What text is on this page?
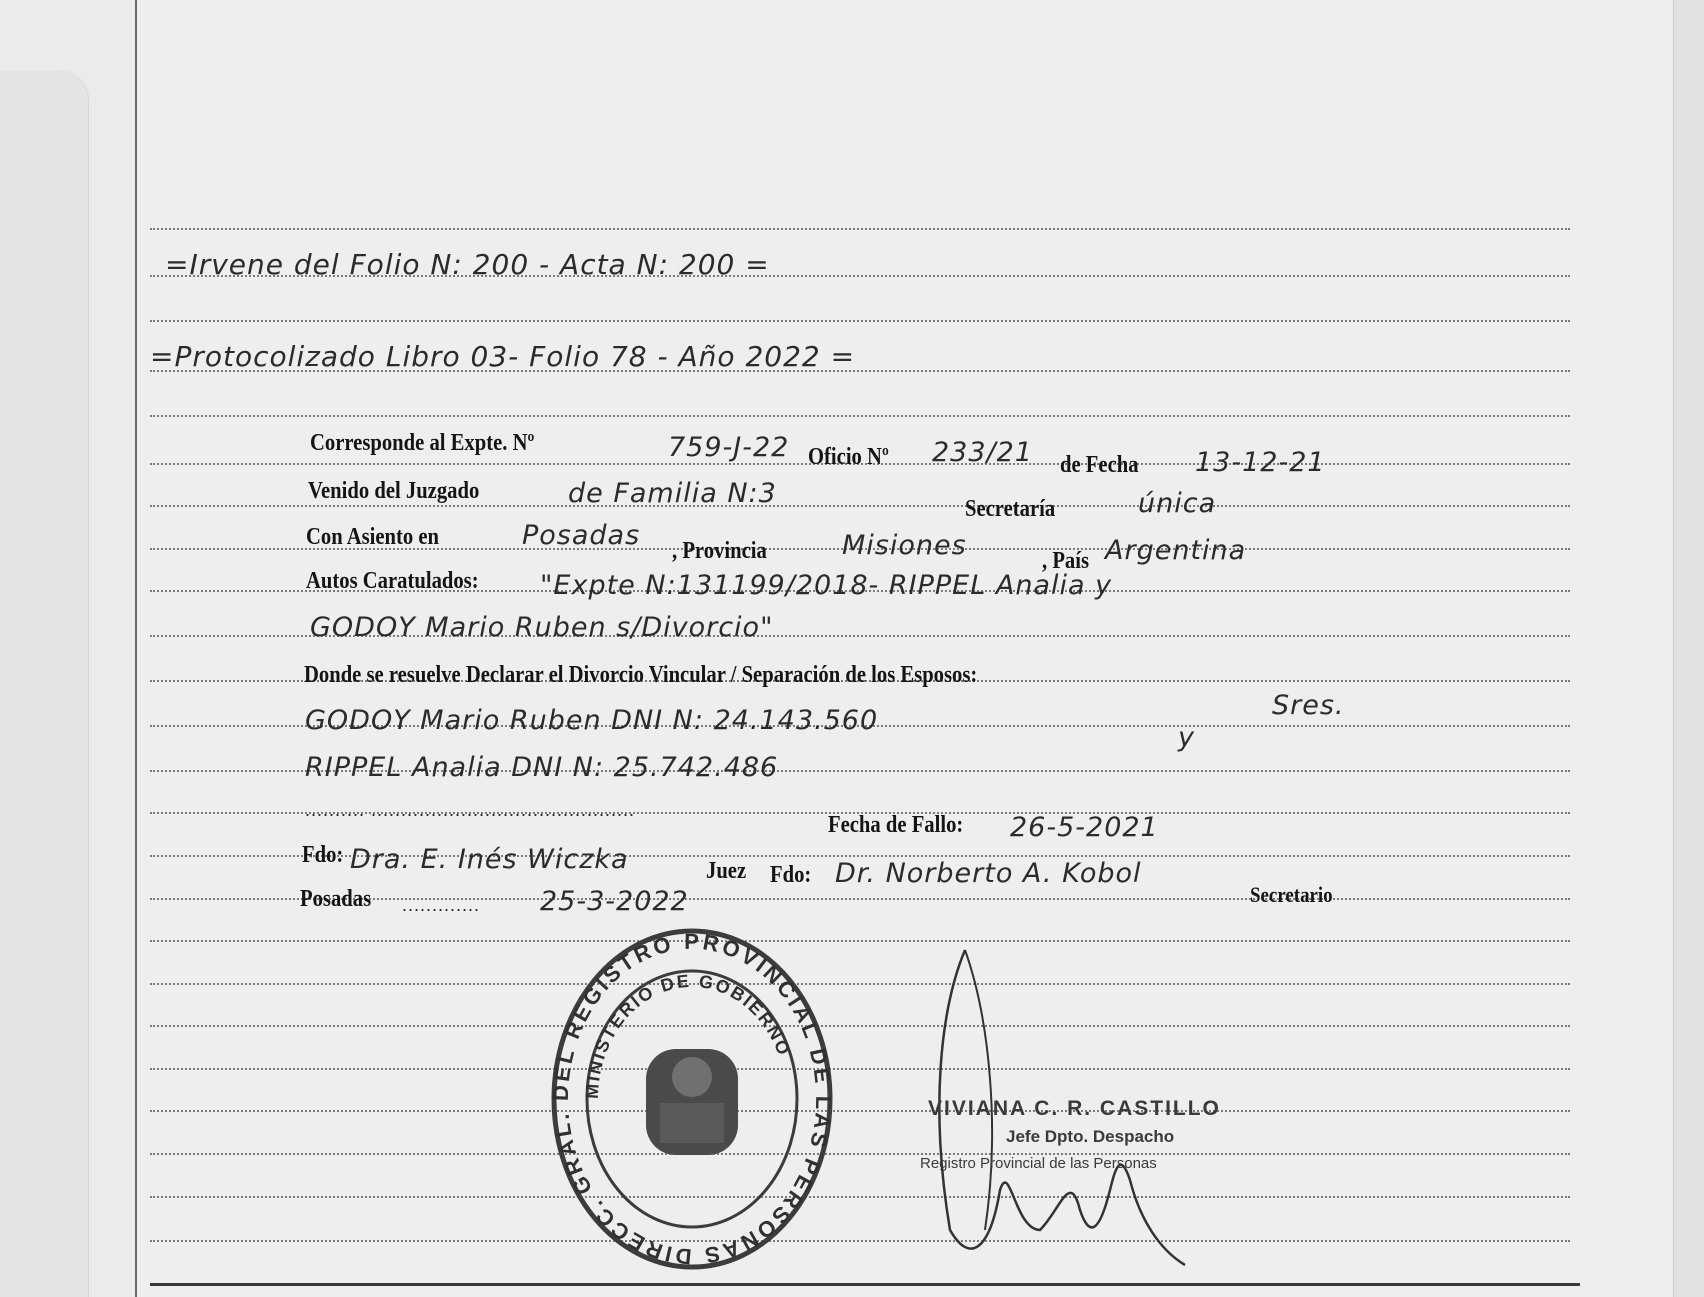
=Irvene del Folio N: 200 - Acta N: 200 =
=Protocolizado Libro 03- Folio 78 - Año 2022 =
Corresponde al Expte. Nº	759-J-22 Oficio Nº 233/21 de Fecha 13-12-21
Venido del Juzgado	de Familia N:3	Secretaría	única
Con Asiento en	Posadas , Provincia	Misiones	, País Argentina
Autos Caratulados: "Expte N:131199/2018- RIPPEL Analia y
GODOY Mario Ruben s/Divorcio"
Donde se resuelve Declarar el Divorcio Vincular / Separación de los Esposos:
Sres.
GODOY Mario Ruben DNI N: 24.143.560
y
RIPPEL Analia DNI N: 25.742.486
.......... ............................................
Fecha de Fallo: 26-5-2021
Fdo: Dra. E. Inés Wiczka	Juez Fdo: Dr. Norberto A. Kobol
Secretario
Posadas ............. 25-3-2022
DIRECC. GRAL. DEL REGISTRO PROVINCIAL DE LAS PERSONAS
MINISTERIO DE GOBIERNO
VIVIANA C. R. CASTILLO
Jefe Dpto. Despacho
Registro Provincial de las Personas
